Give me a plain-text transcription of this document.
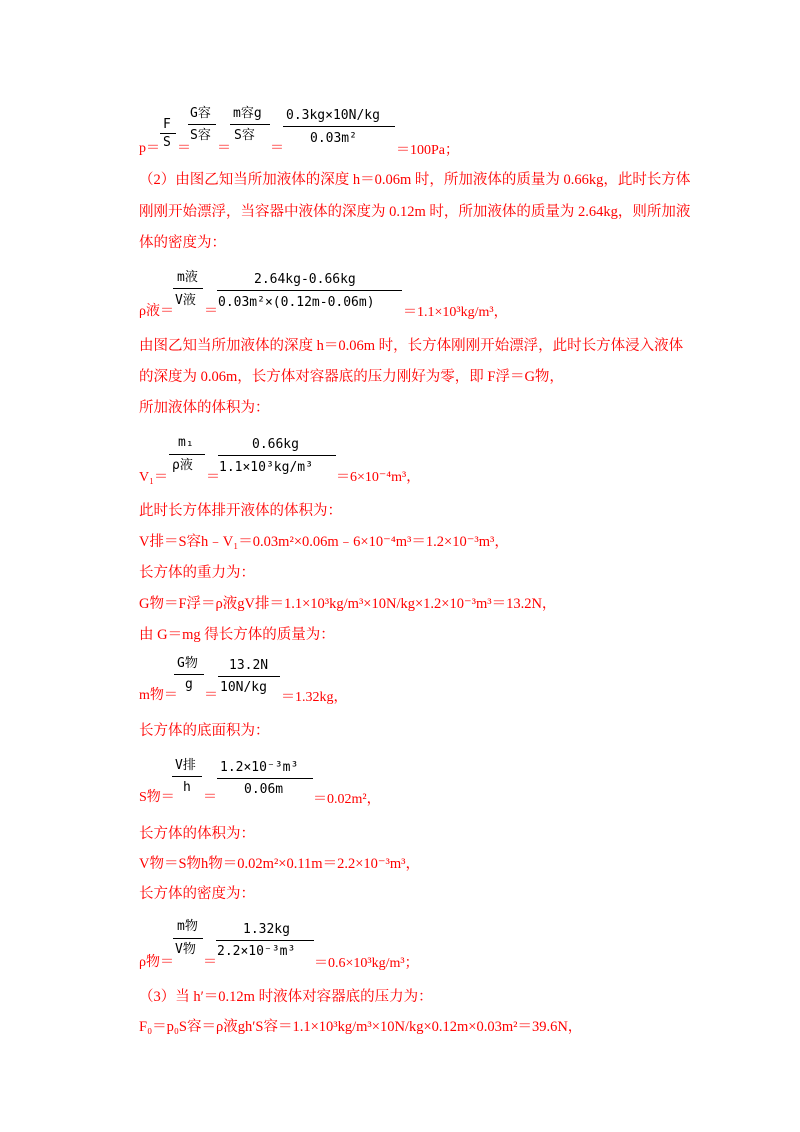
p＝
F
S ＝
G容
S容
＝
m容g
S容
＝
0.3kg×10N/kg
0.03m²
＝100Pa；
（2）由图乙知当所加液体的深度 h＝0.06m 时，所加液体的质量为 0.66kg，此时长方体
刚刚开始漂浮，当容器中液体的深度为 0.12m 时，所加液体的质量为 2.64kg，则所加液
体的密度为：
ρ液＝
m液
V液
＝
2.64kg-0.66kg
0.03m²×(0.12m-0.06m)
＝1.1×10³kg/m³，
由图乙知当所加液体的深度 h＝0.06m 时，长方体刚刚开始漂浮，此时长方体浸入液体
的深度为 0.06m，长方体对容器底的压力刚好为零，即 F浮＝G物，
所加液体的体积为：
V₁＝
m₁
ρ液
＝
0.66kg
1.1×10³kg/m³
＝6×10⁻⁴m³，
此时长方体排开液体的体积为：
V排＝S容h﹣V₁＝0.03m²×0.06m﹣6×10⁻⁴m³＝1.2×10⁻³m³，
长方体的重力为：
G物＝F浮＝ρ液gV排＝1.1×10³kg/m³×10N/kg×1.2×10⁻³m³＝13.2N，
由 G＝mg 得长方体的质量为：
m物＝
G物
g
＝
13.2N
10N/kg
＝1.32kg，
长方体的底面积为：
S物＝
V排
h
＝
1.2×10⁻³m³
0.06m
＝0.02m²，
长方体的体积为：
V物＝S物h物＝0.02m²×0.11m＝2.2×10⁻³m³，
长方体的密度为：
ρ物＝
m物
V物
＝
1.32kg
2.2×10⁻³m³
＝0.6×10³kg/m³；
（3）当 h′＝0.12m 时液体对容器底的压力为：
F₀＝p₀S容＝ρ液gh′S容＝1.1×10³kg/m³×10N/kg×0.12m×0.03m²＝39.6N，
